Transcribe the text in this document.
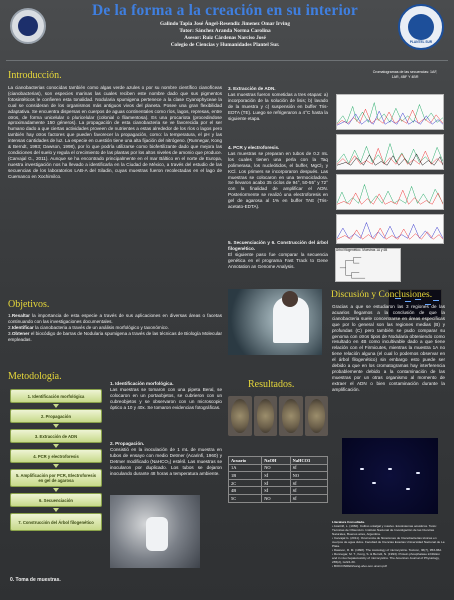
PLANTEL SUR
De la forma a la creación en su interior
Galindo Tapia José Ángel-Resendiz Jimenez Omar Irving
Tutor: Sánchez Aranda Norma Carolina
Asesor: Ruiz Cárdenas Narciso José
Colegio de Ciencias y Humanidades Plantel Sur.
Introducción.
La cianobacterias conocidas también como algas verde azules o por su nombre científico cianofíceas (cianobacterias), son especies marinas las cuales reciben este nombre dado que sus pigmentos fotosintéticos le confieren esta tonalidad. Nodularia spumigena pertenece a la clase Cyanophyceae la cual se consideran de los organismos más antiguos vivos del planeta. Posee una gran flexibilidad adaptativa. Se encuentra dispersas en cuerpos de aguas continentales como ríos, lagos, represas, entre otros, de forma unicelular o pluricelular (colonial o filamentosa). Es una procariota (procedindose aproximadamente 150 géneros). La propagación de esta cianobacteria se ve favorecida por el ser humano dado a que ciertas actividades proveen de nutrientes a estas alrededor de los ríos o lagos pero también hay otros factores que pueden favorecer la propagación, como: la temperatura, el pH y las intensas cantidades de luz. La especie en cuestión tiene una alta fijación del nitrógeno. (Runnegar, Kong & Berndt, 1993; Dawson, 1998), por lo que podría utilizarse como biofertilizante dado que mejora las condiciones del suelo y regula el crecimiento de las plantas por los altos niveles de amonio que produce. (Carvajal G., 2011). Aunque se ha encontrado principalmente en el mar Báltico en el norte de Europa, nuestra investigación nos ha llevado a identificarla en la Ciudad de México, a través del estudio de las secuencias de los laboratorios LAB-A del Siladin, cuyas muestras fueron recolectadas en el lago de Cuemanco en Xochimilco.
Objetivos.
1.Resaltar la importancia de esta especie a través de sus aplicaciones en diversas áreas o facetas continuando con las investigaciones documentales.
2.Identificar la cianobacteria a través de un análisis morfológico y taxonómico.
3.Obtener el biocódigo de barras de Nodularia spumigena a través de las técnicas de Biología Molecular empleadas.
Metodología.
1. Identificación morfológica
2. Propagación
3. Extracción de ADN
4. PCR y electroforesis
5. Amplificación por PCR, Electroforesis en gel de agarosa
6. Secuenciación
7. Construcción del Árbol filogenético
0. Toma de muestras.
1. Identificación morfológica.
Las muestras se tomaron con una pipeta Beral, se colocaron en un portaobjetos, se cubrieron con un cubreobjetos y se observaron con un microscopio óptico a 10 y 40x. Se tomaron evidencias fotográficas.
2. Propagación.
Consistió en la inoculación de 1 mL de muestra en tubos de ensayo con medio Detmer (Acarinfi, 1960) y Detmer modificado (NaHCO₃) estéril. Las muestras se inocularon por duplicado. Los tubos se dejaron inoculando durante 48 horas a temperatura ambiente.
3. Extracción de ADN.
Las muestras fueron sometidas a tres etapas: a) incorporación de la solución de lisis; b) lavado de la muestra y c) suspensión en buffer Tris-EDTA (TE). Luego se refrigeraron a 4°C hasta la siguiente etapa.
4. PCR y electroforesis.
Las muestras se preparan en tubos de 0.2 mL los cuales tienen una perla con la Taq polimerasa, los nucleótidos, el buffer, MgCl₂ y KCl. Los primers se incorporaron después. Las muestras se colocaron en una termocicladora. Se llevaron acabo 35 ciclos de 94°, 50-55° y 72° con la finalidad de amplificar el ADN. Posteriormente se realizó una electroforesis en gel de agarosa al 1% en buffer TAE (Tris-acetato-EDTA).
5. Secuenciación y 6. Construcción del árbol filogenético.
El siguiente paso fue comparar la secuencia genética en el programa Fast Track to Gene Annotation an Genome Analysis.
Resultados.
Acuario	NaOH	NaHCO3
1A	NO	SÍ
1B	SÍ	NO
2C	SÍ	SÍ
4B	SÍ	SÍ
5C	NO	SÍ
Cromatogramas de las secuencias: 1AF, 1AR, 4BF Y 4BR
Árbol filogenético. Muestras 1A y 4B
Discusión y Conclusiones.
Gracias a que se estudiaron las 3 regiones de las acuarios llegamos a la conclusión de que la cianobacteria suele concentrarse en áreas específicas que por lo general son las regiones medias (B) y profundas (C) pero también se pudo comparar su genoma con otros tipos de Nodularia obteniendo como resultado en 4B como incultivable dado a que tiene relación con el Firmicutes, mientras la muestra 1A no tiene relación alguna (el cual lo podemos observar en el árbol filogenético) sin embargo esto puede ser debido a que en los cromatogramas hay interferencia probablemente debido a la contaminación de las muestras por un otras organismo al momento de extraer el ADN o bien contaminación durante la amplificación.
Literatura Consultada.
• Acarinfi, L. (1960). Cultivo unialgal y masivo. Ecosistemas acuáticos. Tesis: Técnicas de Obtención. Instituto Nacional de Investigación de las Ciencias Naturales, Buenos aires, Argentina.
• Carvajal G. (2011). Ocurrencia de floraciones de Cianobacterias tóxicas en cuerpos de agua dulce. Facultad de Ciencias Exactas Universidad Nacional de La Plata.
• Dawson, R. M. (1998). The toxicology of microcystins. Toxicon, 36(7), 953-962.
• Runnegar, M. T., Kong, S. & Berndt, N. (1993). Protein phosphatase inhibition and in vivo hepatotoxicity of microcystins. The American Journal of Physiology, 265(2), G224-30.
• BIOCONRED/sang-alvo-son.unam.pdf
